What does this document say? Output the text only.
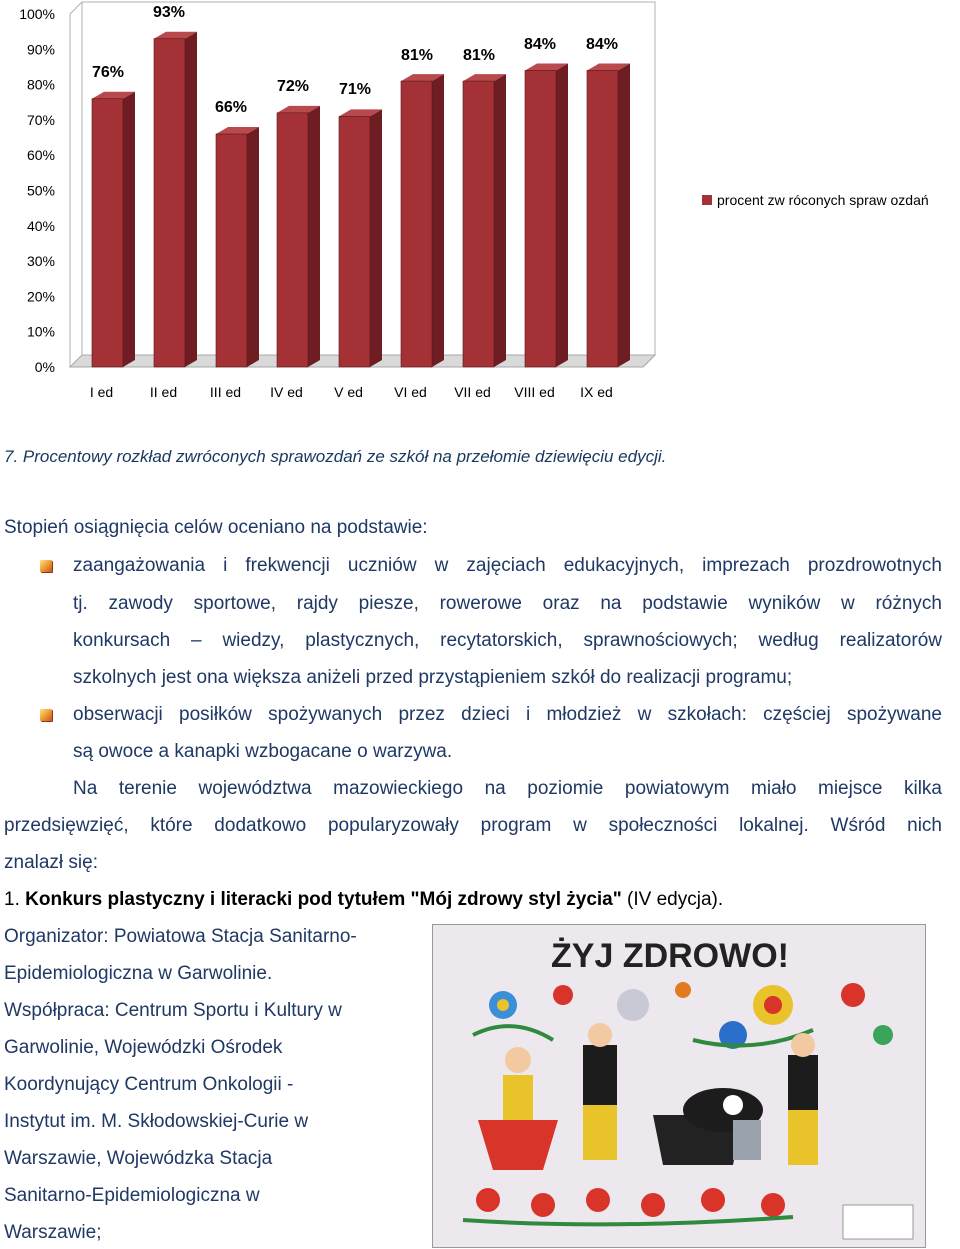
0%
10%
20%
30%
40%
50%
60%
70%
80%
90%
100%
I ed	II ed III ed IV ed V ed VI ed VII ed VIII ed IX ed
76%
93%
66%
72% 71%
81% 81%
84% 84%
procent zw róconych spraw ozdań
7. Procentowy rozkład zwróconych sprawozdań ze szkół na przełomie dziewięciu edycji.
Stopień osiągnięcia celów oceniano na podstawie:
zaangażowania i frekwencji uczniów w zajęciach edukacyjnych, imprezach prozdrowotnych
tj. zawody sportowe, rajdy piesze, rowerowe oraz na podstawie wyników w różnych
konkursach – wiedzy, plastycznych, recytatorskich, sprawnościowych; według realizatorów
szkolnych jest ona większa aniżeli przed przystąpieniem szkół do realizacji programu;
obserwacji posiłków spożywanych przez dzieci i młodzież w szkołach: częściej spożywane
są owoce a kanapki wzbogacane o warzywa.
Na terenie województwa mazowieckiego na poziomie powiatowym miało miejsce kilka
przedsięwzięć, które dodatkowo popularyzowały program w społeczności lokalnej. Wśród nich
znalazł się:
1. Konkurs plastyczny i literacki pod tytułem "Mój zdrowy styl życia" (IV edycja).
Organizator: Powiatowa Stacja Sanitarno-
Epidemiologiczna w Garwolinie.
Współpraca: Centrum Sportu i Kultury w
Garwolinie, Wojewódzki Ośrodek
Koordynujący Centrum Onkologii -
Instytut im. M. Skłodowskiej-Curie w
Warszawie, Wojewódzka Stacja
Sanitarno-Epidemiologiczna w
Warszawie;
ŻYJ ZDROWO!
